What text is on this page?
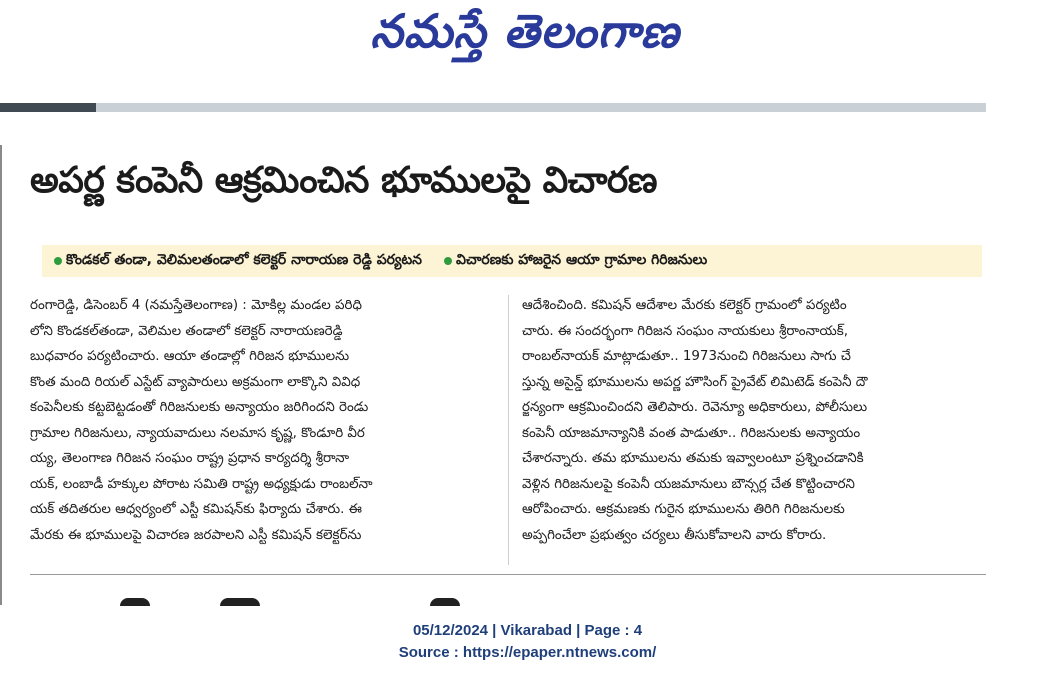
నమస్తే తెలంగాణ
అపర్ణ కంపెనీ ఆక్రమించిన భూములపై విచారణ
కొండకల్ తండా, వెలిమలతండాలో కలెక్టర్ నారాయణ రెడ్డి పర్యటన విచారణకు హాజరైన ఆయా గ్రామాల గిరిజనులు
రంగారెడ్డి, డిసెంబర్ 4 (నమస్తేతెలంగాణ) : మోకిల్ల మండల పరిధి
లోని కొండకల్‌తండా, వెలిమల తండాలో కలెక్టర్ నారాయణరెడ్డి
బుధవారం పర్యటించారు. ఆయా తండాల్లో గిరిజన భూములను
కొంత మంది రియల్ ఎస్టేట్ వ్యాపారులు అక్రమంగా లాక్కొని వివిధ
కంపెనీలకు కట్టబెట్టడంతో గిరిజనులకు అన్యాయం జరిగిందని రెండు
గ్రామాల గిరిజనులు, న్యాయవాదులు నలమాస కృష్ణ, కొండూరి వీర
య్య, తెలంగాణ గిరిజన సంఘం రాష్ట్ర ప్రధాన కార్యదర్శి శ్రీరానా
యక్, లంబాడీ హక్కుల పోరాట సమితి రాష్ట్ర అధ్యక్షుడు రాంబల్‌నా
యక్ తదితరుల ఆధ్వర్యంలో ఎస్టీ కమిషన్‌కు ఫిర్యాదు చేశారు. ఈ
మేరకు ఈ భూములపై విచారణ జరపాలని ఎస్టీ కమిషన్ కలెక్టర్‌ను
ఆదేశించింది. కమిషన్ ఆదేశాల మేరకు కలెక్టర్ గ్రామంలో పర్యటిం
చారు. ఈ సందర్భంగా గిరిజన సంఘం నాయకులు శ్రీరాంనాయక్,
రాంబల్‌నాయక్ మాట్లాడుతూ.. 1973నుంచి గిరిజనులు సాగు చే
స్తున్న అసైన్డ్ భూములను అపర్ణ హౌసింగ్ ప్రైవేట్ లిమిటెడ్ కంపెనీ దౌ
ర్జన్యంగా ఆక్రమించిందని తెలిపారు. రెవెన్యూ అధికారులు, పోలీసులు
కంపెనీ యాజమాన్యానికి వంత పాడుతూ.. గిరిజనులకు అన్యాయం
చేశారన్నారు. తమ భూములను తమకు ఇవ్వాలంటూ ప్రశ్నించడానికి
వెళ్లిన గిరిజనులపై కంపెనీ యజమానులు బౌన్సర్ల చేత కొట్టించారని
ఆరోపించారు. ఆక్రమణకు గురైన భూములను తిరిగి గిరిజనులకు
అప్పగించేలా ప్రభుత్వం చర్యలు తీసుకోవాలని వారు కోరారు.
05/12/2024 | Vikarabad | Page : 4
Source : https://epaper.ntnews.com/
